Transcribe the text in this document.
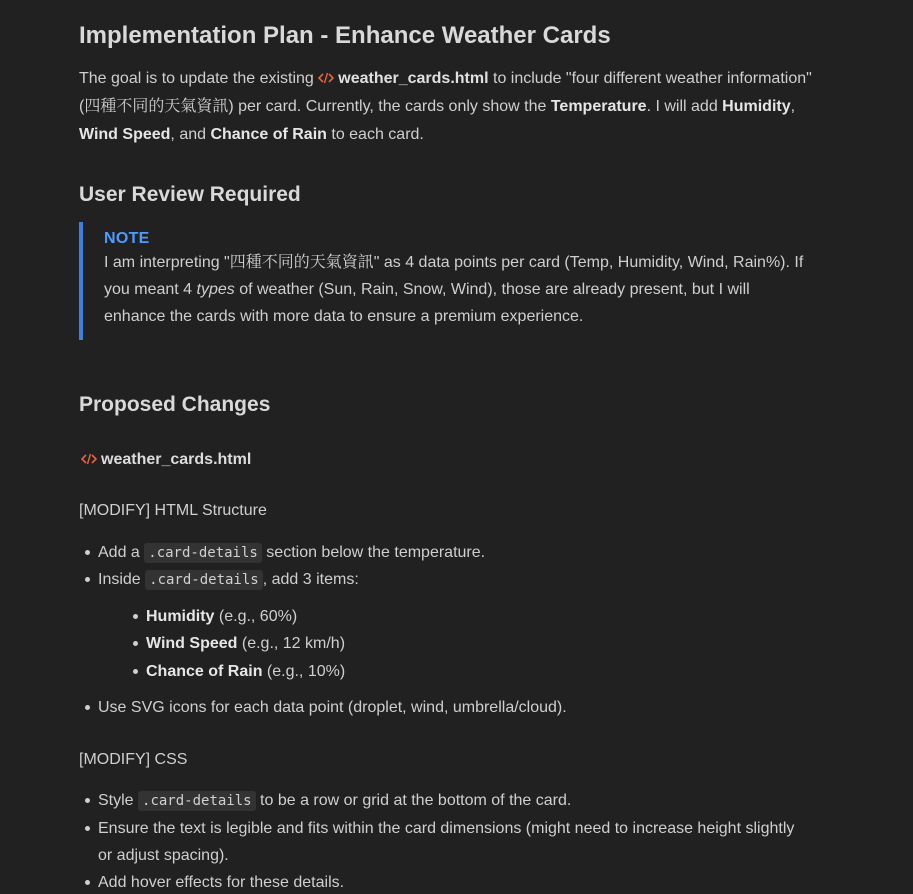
Implementation Plan - Enhance Weather Cards
The goal is to update the existing weather_cards.html to include "four different weather information" (四種不同的天氣資訊) per card. Currently, the cards only show the Temperature. I will add Humidity, Wind Speed, and Chance of Rain to each card.
User Review Required
NOTE
I am interpreting "四種不同的天氣資訊" as 4 data points per card (Temp, Humidity, Wind, Rain%). If you meant 4 types of weather (Sun, Rain, Snow, Wind), those are already present, but I will enhance the cards with more data to ensure a premium experience.
Proposed Changes
weather_cards.html
[MODIFY] HTML Structure
Add a .card-details section below the temperature.
Inside .card-details , add 3 items:
Humidity (e.g., 60%)
Wind Speed (e.g., 12 km/h)
Chance of Rain (e.g., 10%)
Use SVG icons for each data point (droplet, wind, umbrella/cloud).
[MODIFY] CSS
Style .card-details to be a row or grid at the bottom of the card.
Ensure the text is legible and fits within the card dimensions (might need to increase height slightly or adjust spacing).
Add hover effects for these details.
